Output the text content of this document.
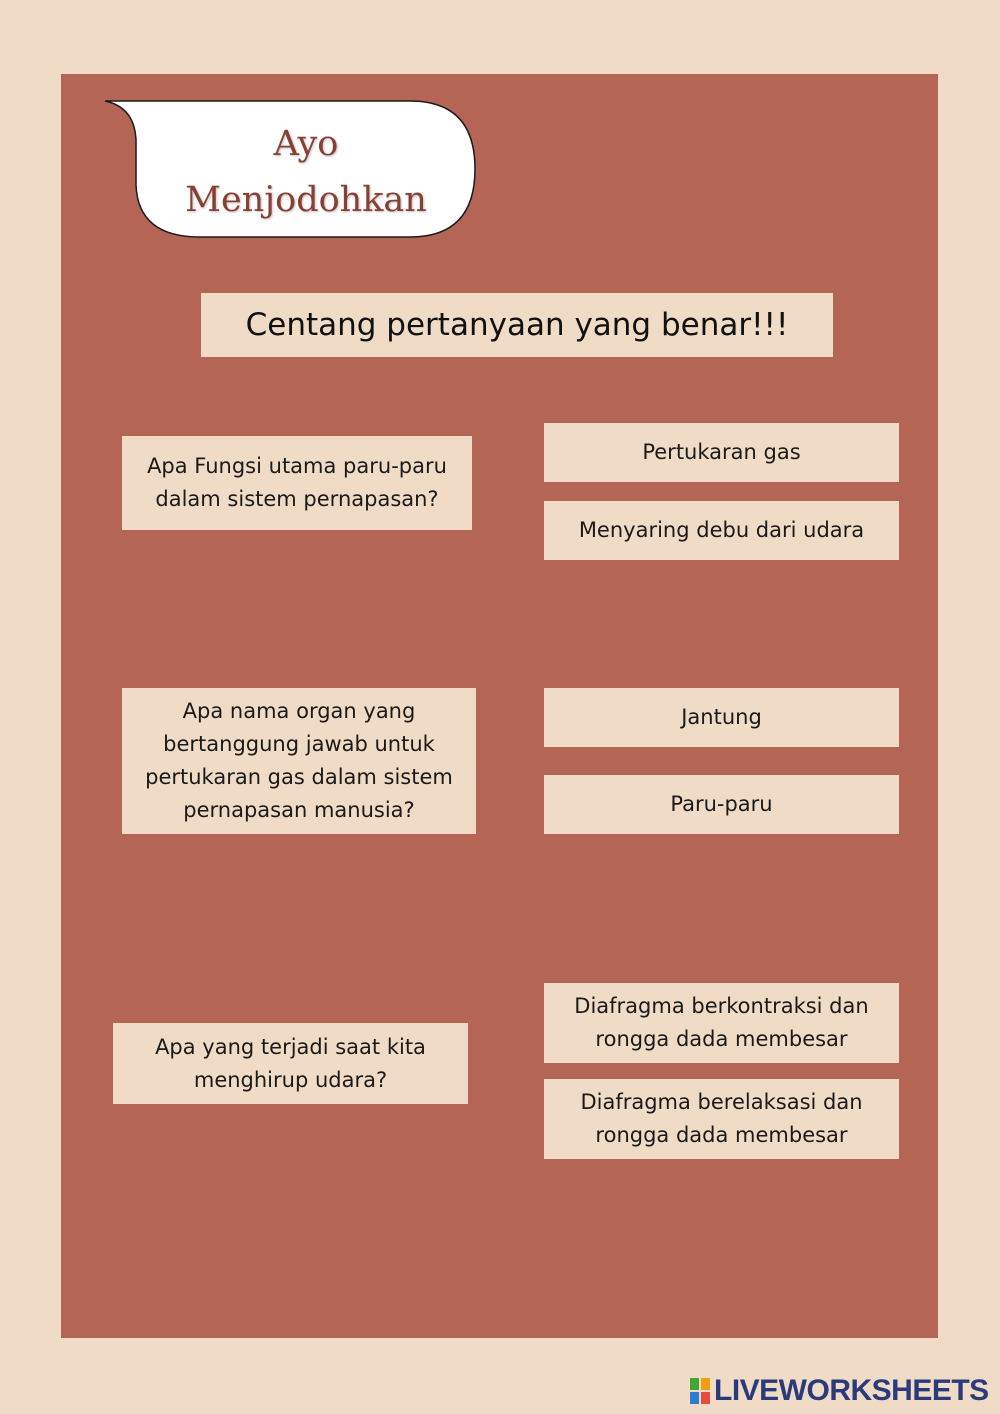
Ayo
Menjodohkan
Centang pertanyaan yang benar!!!
Apa Fungsi utama paru-paru dalam sistem pernapasan?
Pertukaran gas
Menyaring debu dari udara
Apa nama organ yang bertanggung jawab untuk pertukaran gas dalam sistem pernapasan manusia?
Jantung
Paru-paru
Apa yang terjadi saat kita menghirup udara?
Diafragma berkontraksi dan rongga dada membesar
Diafragma berelaksasi dan rongga dada membesar
LIVEWORKSHEETS
